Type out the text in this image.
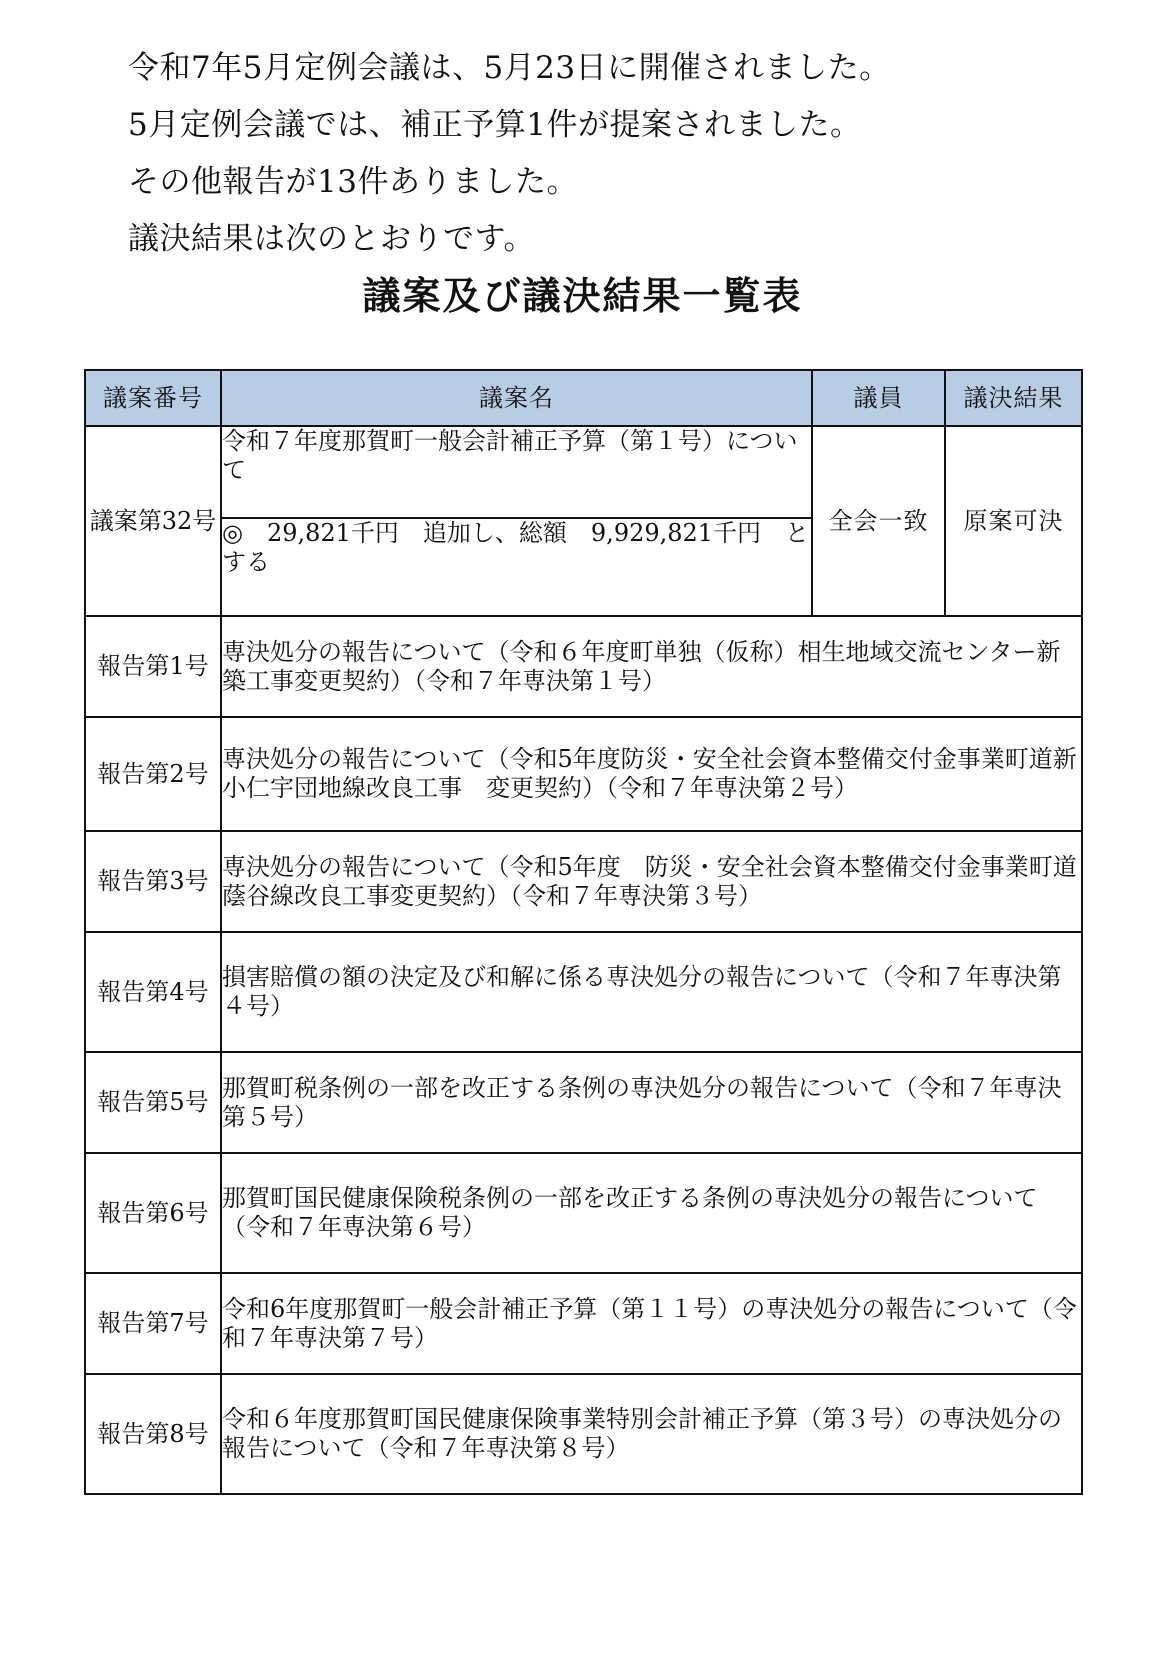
令和7年5月定例会議は、5月23日に開催されました。
5月定例会議では、補正予算1件が提案されました。
その他報告が13件ありました。
議決結果は次のとおりです。
議案及び議決結果一覧表
議案番号	議案名	議員	議決結果
議案第32号	令和７年度那賀町一般会計補正予算（第１号）について	全会一致	原案可決
	◎　29,821千円　追加し、総額　9,929,821千円　とする		
報告第1号	専決処分の報告について（令和６年度町単独（仮称）相生地域交流センター新築工事変更契約）（令和７年専決第１号）		
報告第2号	専決処分の報告について（令和5年度防災・安全社会資本整備交付金事業町道新小仁宇団地線改良工事　変更契約）（令和７年専決第２号）		
報告第3号	専決処分の報告について（令和5年度　防災・安全社会資本整備交付金事業町道蔭谷線改良工事変更契約）（令和７年専決第３号）		
報告第4号	損害賠償の額の決定及び和解に係る専決処分の報告について（令和７年専決第４号）		
報告第5号	那賀町税条例の一部を改正する条例の専決処分の報告について（令和７年専決第５号）		
報告第6号	那賀町国民健康保険税条例の一部を改正する条例の専決処分の報告について（令和７年専決第６号）		
報告第7号	令和6年度那賀町一般会計補正予算（第１１号）の専決処分の報告について（令和７年専決第７号）		
報告第8号	令和６年度那賀町国民健康保険事業特別会計補正予算（第３号）の専決処分の報告について（令和７年専決第８号）		
